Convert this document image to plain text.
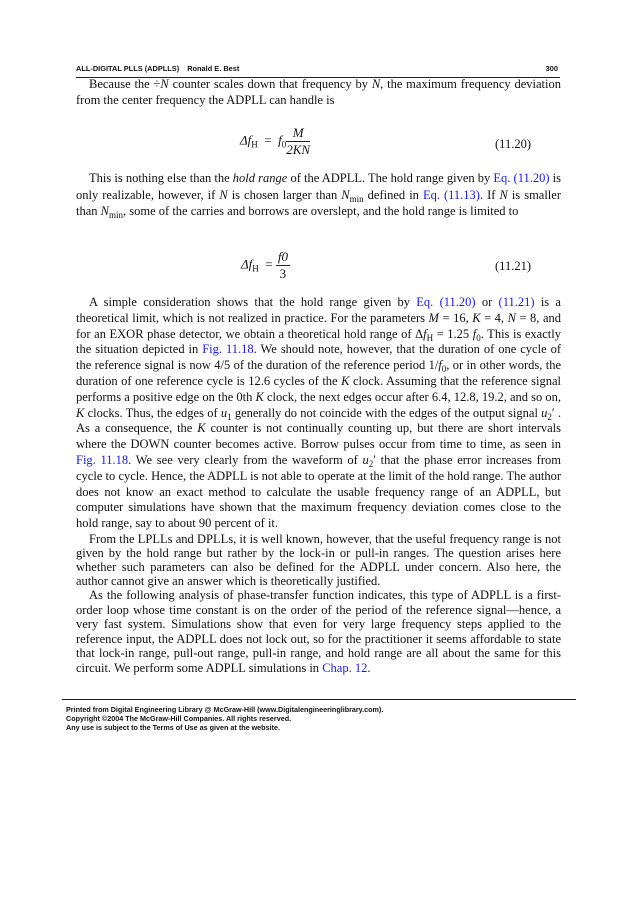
ALL-DIGITAL PLLS (ADPLLS) Ronald E. Best	300
Because the ÷N counter scales down that frequency by N, the maximum frequency deviation from the center frequency the ADPLL can handle is
$\Delta f_H = f_0 \frac{M}{2KN}$	(11.20)
This is nothing else than the hold range of the ADPLL. The hold range given by Eq. (11.20) is only realizable, however, if N is chosen larger than $N_{min}$ defined in Eq. (11.13). If N is smaller than $N_{min}$, some of the carries and borrows are overslept, and the hold range is limited to
$\Delta f_H = \frac{f0}{3}$	(11.21)
A simple consideration shows that the hold range given by Eq. (11.20) or (11.21) is a theoretical limit, which is not realized in practice. For the parameters M = 16, K = 4, N = 8, and for an EXOR phase detector, we obtain a theoretical hold range of $\Delta f_H = 1.25$ $f_0$. This is exactly the situation depicted in Fig. 11.18. We should note, however, that the duration of one cycle of the reference signal is now 4/5 of the duration of the reference period $1/f_0$, or in other words, the duration of one reference cycle is 12.6 cycles of the K clock. Assuming that the reference signal performs a positive edge on the 0th K clock, the next edges occur after 6.4, 12.8, 19.2, and so on, K clocks. Thus, the edges of $u_1$ generally do not coincide with the edges of the output signal $u_2'$ . As a consequence, the K counter is not continually counting up, but there are short intervals where the DOWN counter becomes active. Borrow pulses occur from time to time, as seen in Fig. 11.18. We see very clearly from the waveform of $u_2'$ that the phase error increases from cycle to cycle. Hence, the ADPLL is not able to operate at the limit of the hold range. The author does not know an exact method to calculate the usable frequency range of an ADPLL, but computer simulations have shown that the maximum frequency deviation comes close to the hold range, say to about 90 percent of it.
From the LPLLs and DPLLs, it is well known, however, that the useful frequency range is not given by the hold range but rather by the lock-in or pull-in ranges. The question arises here whether such parameters can also be defined for the ADPLL under concern. Also here, the author cannot give an answer which is theoretically justified.
As the following analysis of phase-transfer function indicates, this type of ADPLL is a first-order loop whose time constant is on the order of the period of the reference signal—hence, a very fast system. Simulations show that even for very large frequency steps applied to the reference input, the ADPLL does not lock out, so for the practitioner it seems affordable to state that lock-in range, pull-out range, pull-in range, and hold range are all about the same for this circuit. We perform some ADPLL simulations in Chap. 12.
Printed from Digital Engineering Library @ McGraw-Hill (www.Digitalengineeringlibrary.com).
Copyright ©2004 The McGraw-Hill Companies. All rights reserved.
Any use is subject to the Terms of Use as given at the website.
